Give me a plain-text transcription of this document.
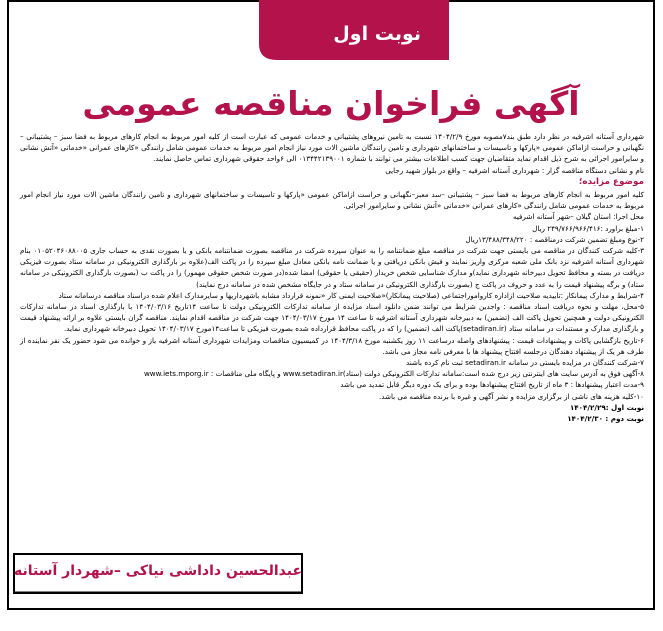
نوبت اول
آگهی فراخوان مناقصه عمومی

شهرداری آستانه اشرفیه در نظر دارد طبق بند۷مصوبه مورخ ۱۴۰۴/۲/۹ نسبت به تامین نیروهای پشتیبانی و خدمات عمومی که عبارت است از کلیه امور مربوط به انجام کارهای مربوط به فضا سبز – پشتیبانی –نگهبانی و حراست ازاماکن عمومی «پارکها و تاسیسات و ساختمانهای شهرداری و تامین رانندگان ماشین الات مورد نیاز انجام امور مربوط به خدمات عمومی شامل رانندگی «کارهای عمرانی «خدماتی «آتش نشانی و سایرامور اجرائی به شرح ذیل اقدام نماید متقاضیان جهت کسب اطلاعات بیشتر می توانند با شماره ۰۱۳۴۴۲۱۳۹۰۰۱ الی ۶واحد حقوقی شهرداری تماس حاصل نمایند.

نام و نشانی دستگاه مناقصه گزار : شهرداری آستانه اشرفیه – واقع در بلوار شهید رجایی

موضوع مزایده؛

کلیه امور مربوط به انجام کارهای مربوط به فضا سبز – پشتیبانی –سد معبر–نگهبانی و حراست ازاماکن عمومی «پارکها و تاسیسات و ساختمانهای شهرداری و تامین رانندگان ماشین الات مورد نیاز انجام امور مربوط به خدمات عمومی شامل رانندگی «کارهای عمرانی «خدماتی «آتش نشانی و سایرامور اجرائی.

محل اجرا: استان گیلان –شهر آستانه اشرفیه

۱-مبلغ براورد :۲۴۹/۷۶۶/۹۶۶/۴۱۶ ریال

۲-نوع ومبلغ تضمین شرکت درمناقصه : ۱۳/۴۸۸/۳۴۸/۲۲۰ریال

۳-کلیه شرکت کنندگان در مناقصه می بایستی جهت شرکت در مناقصه مبلغ ضمانتنامه را به عنوان سپرده شرکت در مناقصه بصورت ضمانتنامه بانکی و یا بصورت نقدی به حساب جاری ۰۱۰۵۲۰۴۶۰۸۸۰۰۵ بنام شهرداری آستانه اشرفیه نزد بانک ملی شعبه مرکزی واریز نمایند و فیش بانکی دریافتی و یا ضمانت نامه بانکی معادل مبلغ سپرده را در پاکت الف(علاوه بر بارگذاری الکترونیکی در سامانه ستاد بصورت فیزیکی دریافت در بسته و محافظ تحویل دبیرخانه شهرداری نماید)و مدارک شناسایی شخص خریدار (حقیقی یا حقوقی) امضا شده(در صورت شخص حقوقی مهمور) را در پاکت ب (بصورت بارگذاری الکترونیکی در سامانه ستاد) و برگه پیشنهاد قیمت را به عدد و حروف در پاکت ج (بصورت بارگذاری الکترونیکی در سامانه ستاد و در جایگاه مشخص شده در سامانه درج نمایند)

۴-شرایط و مدارک پیمانکار :تاییدیه صلاحیت ازاداره کارواموراجتماعی (صلاحیت پیمانکار)«صلاحیت ایمنی کار «نمونه قرارداد مشابه باشهرداریها و سایرمدارک اعلام شده دراسناد مناقصه درسامانه ستاد

۵-محل، مهلت و نحوه دریافت اسناد مناقصه : واجدین شرایط می توانند ضمن دانلود اسناد مزایده از سامانه تدارکات الکترونیکی دولت تا ساعت ۱۴تاریخ ۱۴۰۴/۰۳/۱۶ با بارگذاری اسناد در سامانه تدارکات الکترونیکی دولت و همچنین تحویل پاکت الف (تضمین) به دبیرخانه شهرداری آستانه اشرفیه تا ساعت ۱۴ مورخ ۱۴۰۴/۰۳/۱۷ جهت شرکت در مناقصه اقدام نمایند. مناقصه گران بایستی علاوه بر ارائه پیشنهاد قیمت و بارگذاری مدارک و مستندات در سامانه ستاد (setadiran.ir)پاکت الف (تضمین) را که در پاکت محافظ قرارداده شده بصورت فیزیکی تا ساعت۱۴مورخ ۱۴۰۴/۰۳/۱۷ تحویل دبیرخانه شهرداری نماید.

۶-تاریخ بازگشایی پاکات و پیشنهادات قیمت : پیشنهادهای واصله درساعت ۱۱ روز یکشنبه مورخ ۱۴۰۴/۳/۱۸ در کمیسیون مناقصات ومزایدات شهرداری آستانه اشرفیه باز و خوانده می شود حضور یک نفر نماینده از طرف هر یک از پیشنهاد دهندگان درجلسه افتتاح پیشنهاد ها با معرفی نامه مجاز می باشد.

۷-شرکت کنندگان در مزایده بایستی در سامانه setadiran.ir ثبت نام کرده باشند

۸-آگهی فوق به آدرس سایت های اینترنتی زیر درج شده است:سامانه تدارکات الکترونیکی دولت (ستاد)www.setadiran.ir و پایگاه ملی مناقصات : www.iets.mporg.ir

۹-مدت اعتبار پیشنهادها : ۳ ماه از تاریخ افتتاح پیشنهادها بوده و برای یک دوره دیگر قابل تمدید می باشد

۱۰-کلیه هزینه های ناشی از برگزاری مزایده و نشر آگهی و غیره با برنده مناقصه می باشد.

نوبت اول :۱۴۰۴/۲/۲۹

نوبت دوم : ۱۴۰۴/۲/۳۰

عبدالحسین داداشی نیاکی –شهردار آستانه
